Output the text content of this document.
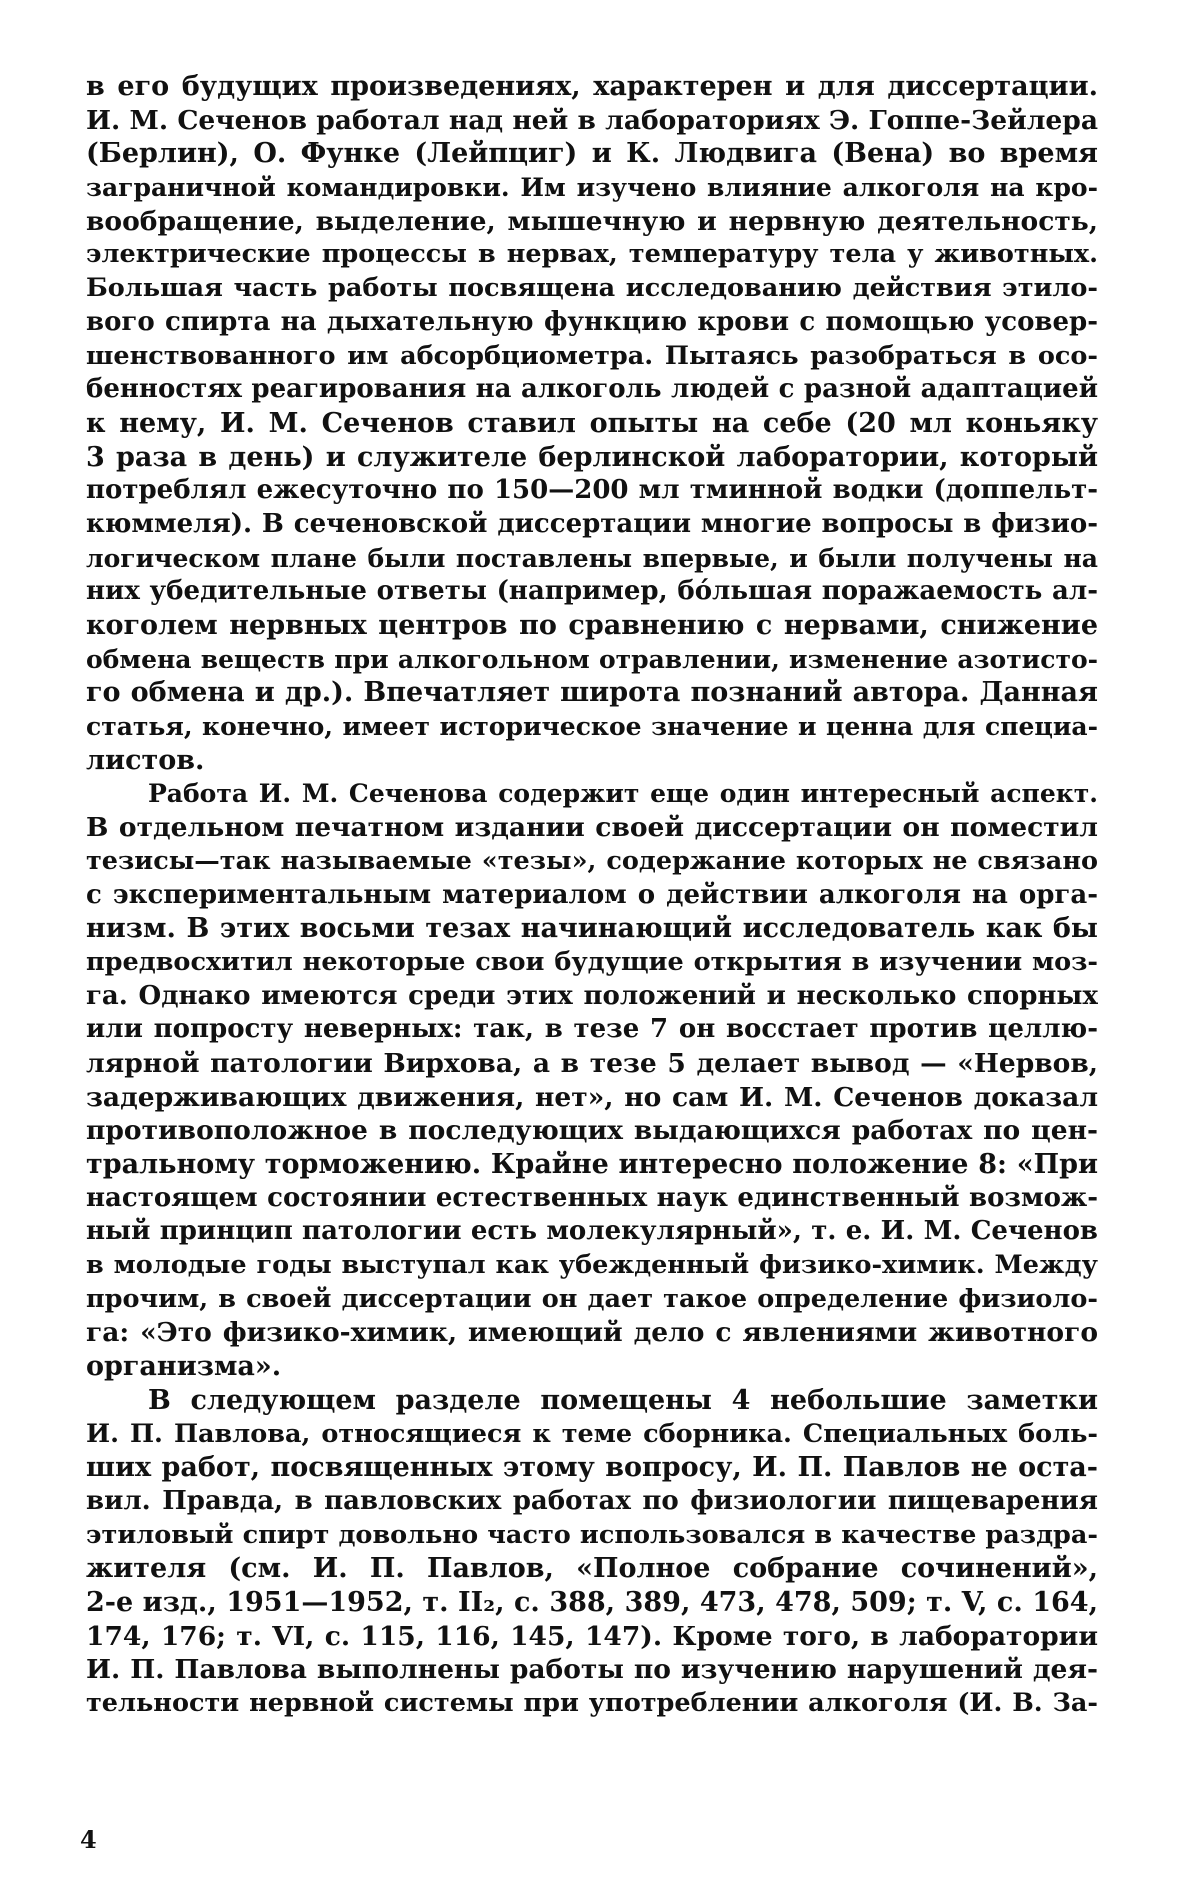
в его будущих произведениях, характерен и для диссертации.
И. М. Сеченов работал над ней в лабораториях Э. Гоппе-Зейлера
(Берлин), О. Функе (Лейпциг) и К. Людвига (Вена) во время
заграничной командировки. Им изучено влияние алкоголя на кро-
вообращение, выделение, мышечную и нервную деятельность,
электрические процессы в нервах, температуру тела у животных.
Большая часть работы посвящена исследованию действия этило-
вого спирта на дыхательную функцию крови с помощью усовер-
шенствованного им абсорбциометра. Пытаясь разобраться в осо-
бенностях реагирования на алкоголь людей с разной адаптацией
к нему, И. М. Сеченов ставил опыты на себе (20 мл коньяку
3 раза в день) и служителе берлинской лаборатории, который
потреблял ежесуточно по 150—200 мл тминной водки (доппельт-
кюммеля). В сеченовской диссертации многие вопросы в физио-
логическом плане были поставлены впервые, и были получены на
них убедительные ответы (например, бóльшая поражаемость ал-
коголем нервных центров по сравнению с нервами, снижение
обмена веществ при алкогольном отравлении, изменение азотисто-
го обмена и др.). Впечатляет широта познаний автора. Данная
статья, конечно, имеет историческое значение и ценна для специа-
листов.
Работа И. М. Сеченова содержит еще один интересный аспект.
В отдельном печатном издании своей диссертации он поместил
тезисы—так называемые «тезы», содержание которых не связано
с экспериментальным материалом о действии алкоголя на орга-
низм. В этих восьми тезах начинающий исследователь как бы
предвосхитил некоторые свои будущие открытия в изучении моз-
га. Однако имеются среди этих положений и несколько спорных
или попросту неверных: так, в тезе 7 он восстает против целлю-
лярной патологии Вирхова, а в тезе 5 делает вывод — «Нервов,
задерживающих движения, нет», но сам И. М. Сеченов доказал
противоположное в последующих выдающихся работах по цен-
тральному торможению. Крайне интересно положение 8: «При
настоящем состоянии естественных наук единственный возмож-
ный принцип патологии есть молекулярный», т. е. И. М. Сеченов
в молодые годы выступал как убежденный физико-химик. Между
прочим, в своей диссертации он дает такое определение физиоло-
га: «Это физико-химик, имеющий дело с явлениями животного
организма».
В следующем разделе помещены 4 небольшие заметки
И. П. Павлова, относящиеся к теме сборника. Специальных боль-
ших работ, посвященных этому вопросу, И. П. Павлов не оста-
вил. Правда, в павловских работах по физиологии пищеварения
этиловый спирт довольно часто использовался в качестве раздра-
жителя (см. И. П. Павлов, «Полное собрание сочинений»,
2-е изд., 1951—1952, т. II₂, с. 388, 389, 473, 478, 509; т. V, с. 164,
174, 176; т. VI, с. 115, 116, 145, 147). Кроме того, в лаборатории
И. П. Павлова выполнены работы по изучению нарушений дея-
тельности нервной системы при употреблении алкоголя (И. В. За-
4
